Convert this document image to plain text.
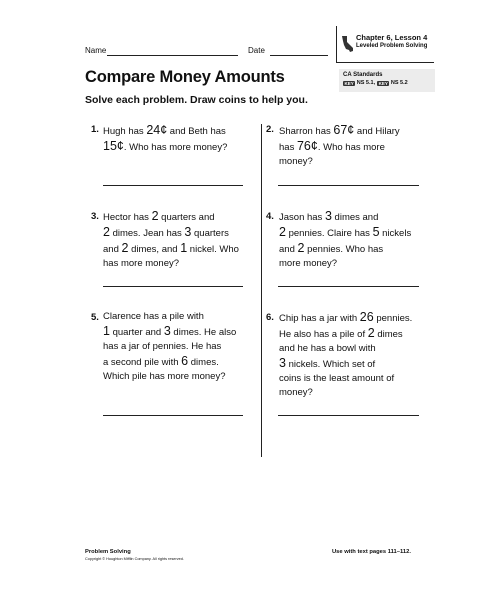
Name	Date
Chapter 6, Lesson 4
Leveled Problem Solving
Compare Money Amounts
Solve each problem. Draw coins to help you.
CA Standards
KEY NS 5.1 , KEY NS 5.2
1. Hugh has 24¢ and Beth has
15¢. Who has more money?
2. Sharron has 67¢ and Hilary
has 76¢. Who has more
money?
3. Hector has 2 quarters and
2 dimes. Jean has 3 quarters
and 2 dimes, and 1 nickel. Who
has more money?
4. Jason has 3 dimes and
2 pennies. Claire has 5 nickels
and 2 pennies. Who has
more money?
5. Clarence has a pile with
1 quarter and 3 dimes. He also
has a jar of pennies. He has
a second pile with 6 dimes.
Which pile has more money?
6. Chip has a jar with 26 pennies.
He also has a pile of 2 dimes
and he has a bowl with
3 nickels. Which set of
coins is the least amount of
money?
Problem Solving
Copyright © Houghton Mifflin Company. All rights reserved.
Use with text pages 111–112.
